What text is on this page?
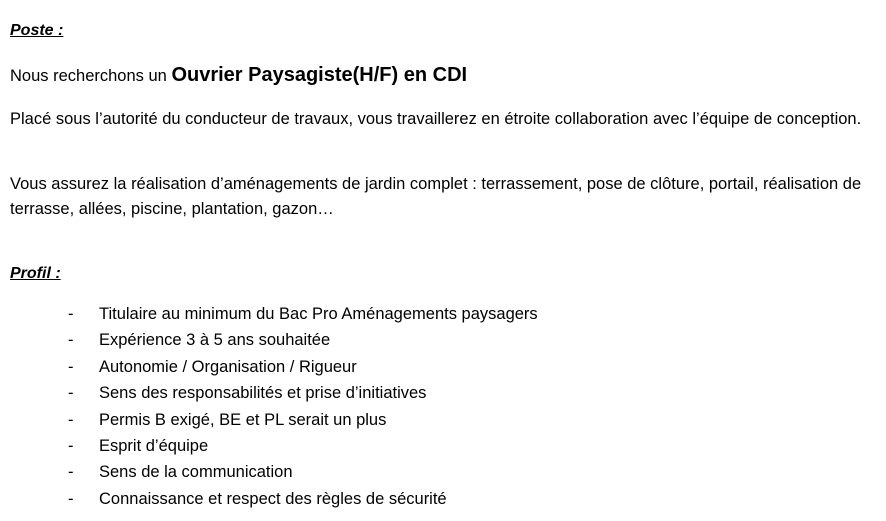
Poste :
Nous recherchons un Ouvrier Paysagiste(H/F) en CDI

Placé sous l’autorité du conducteur de travaux, vous travaillerez en étroite collaboration avec l’équipe de conception.

Vous assurez la réalisation d’aménagements de jardin complet : terrassement, pose de clôture, portail, réalisation de terrasse, allées, piscine, plantation, gazon…

Profil :
- Titulaire au minimum du Bac Pro Aménagements paysagers
- Expérience 3 à 5 ans souhaitée
- Autonomie / Organisation / Rigueur
- Sens des responsabilités et prise d’initiatives
- Permis B exigé, BE et PL serait un plus
- Esprit d’équipe
- Sens de la communication
- Connaissance et respect des règles de sécurité
